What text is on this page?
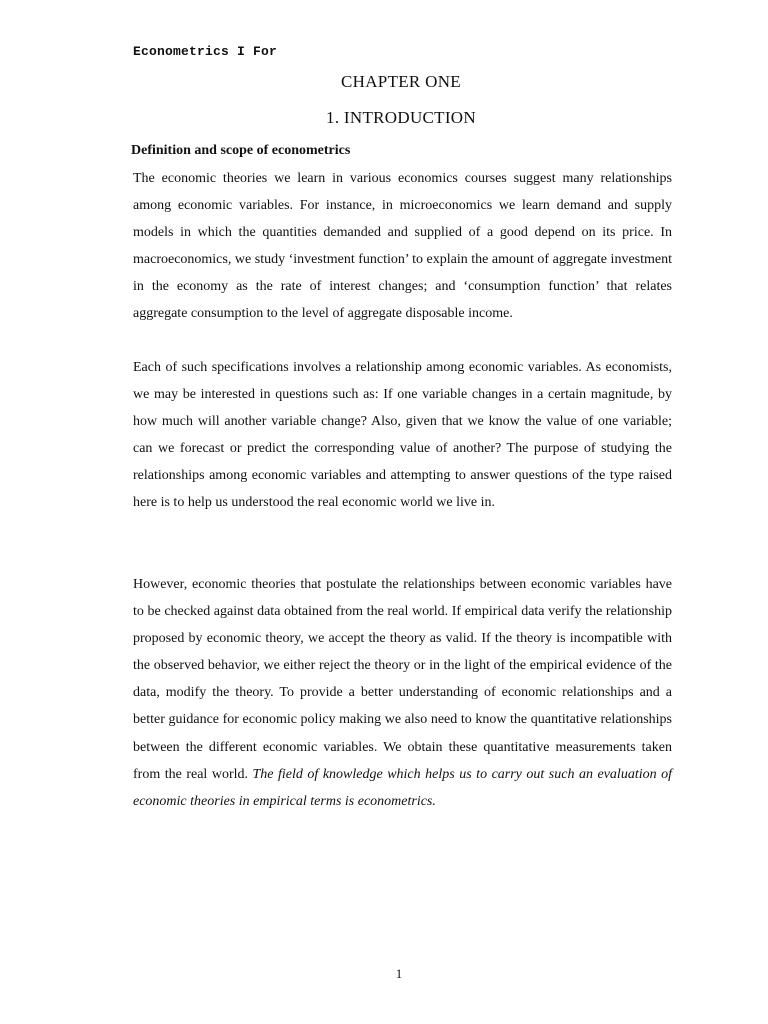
Econometrics I For
CHAPTER ONE
1. INTRODUCTION
Definition and scope of econometrics

The economic theories we learn in various economics courses suggest many relationships among economic variables. For instance, in microeconomics we learn demand and supply models in which the quantities demanded and supplied of a good depend on its price. In macroeconomics, we study ‘investment function’ to explain the amount of aggregate investment in the economy as the rate of interest changes; and ‘consumption function’ that relates aggregate consumption to the level of aggregate disposable income.

Each of such specifications involves a relationship among economic variables. As economists, we may be interested in questions such as: If one variable changes in a certain magnitude, by how much will another variable change? Also, given that we know the value of one variable; can we forecast or predict the corresponding value of another? The purpose of studying the relationships among economic variables and attempting to answer questions of the type raised here is to help us understood the real economic world we live in.

However, economic theories that postulate the relationships between economic variables have to be checked against data obtained from the real world. If empirical data verify the relationship proposed by economic theory, we accept the theory as valid. If the theory is incompatible with the observed behavior, we either reject the theory or in the light of the empirical evidence of the data, modify the theory. To provide a better understanding of economic relationships and a better guidance for economic policy making we also need to know the quantitative relationships between the different economic variables. We obtain these quantitative measurements taken from the real world. The field of knowledge which helps us to carry out such an evaluation of economic theories in empirical terms is econometrics.

1
